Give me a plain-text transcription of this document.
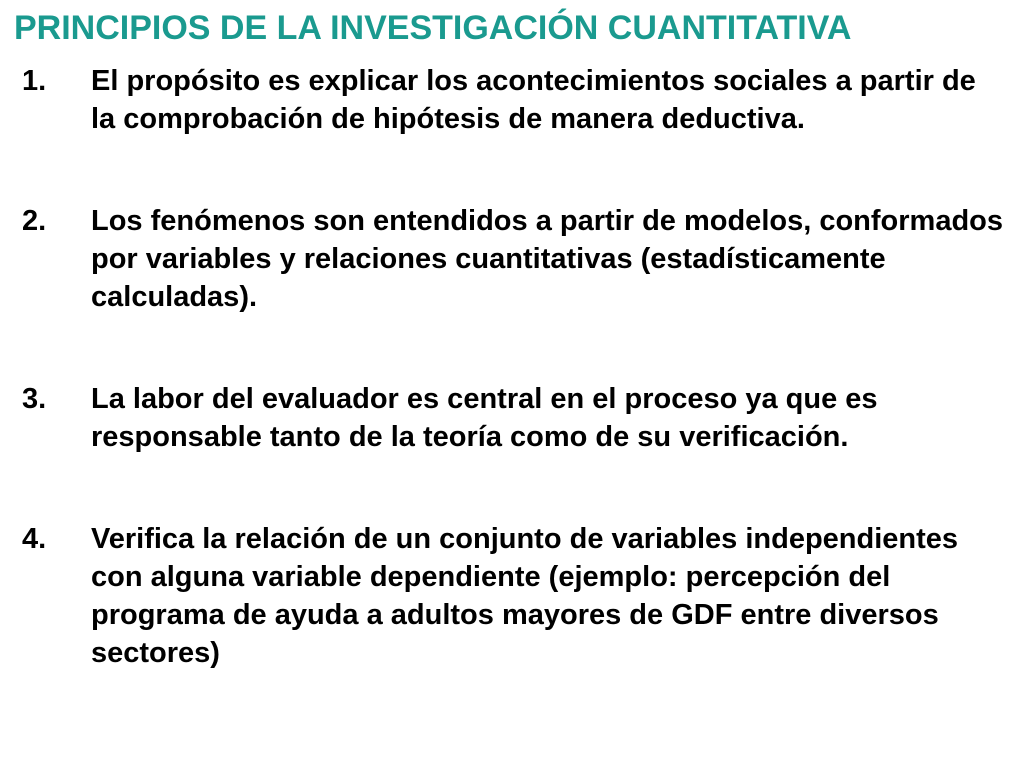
PRINCIPIOS DE LA INVESTIGACIÓN CUANTITATIVA
1. El propósito es explicar los acontecimientos sociales a partir de la comprobación de hipótesis de manera deductiva.
2. Los fenómenos son entendidos a partir de modelos, conformados por variables y relaciones cuantitativas (estadísticamente calculadas).
3. La labor del evaluador es central en el proceso ya que es responsable tanto de la teoría como de su verificación.
4. Verifica la relación de un conjunto de variables independientes con alguna variable dependiente (ejemplo: percepción del programa de ayuda a adultos mayores de GDF entre diversos sectores)
